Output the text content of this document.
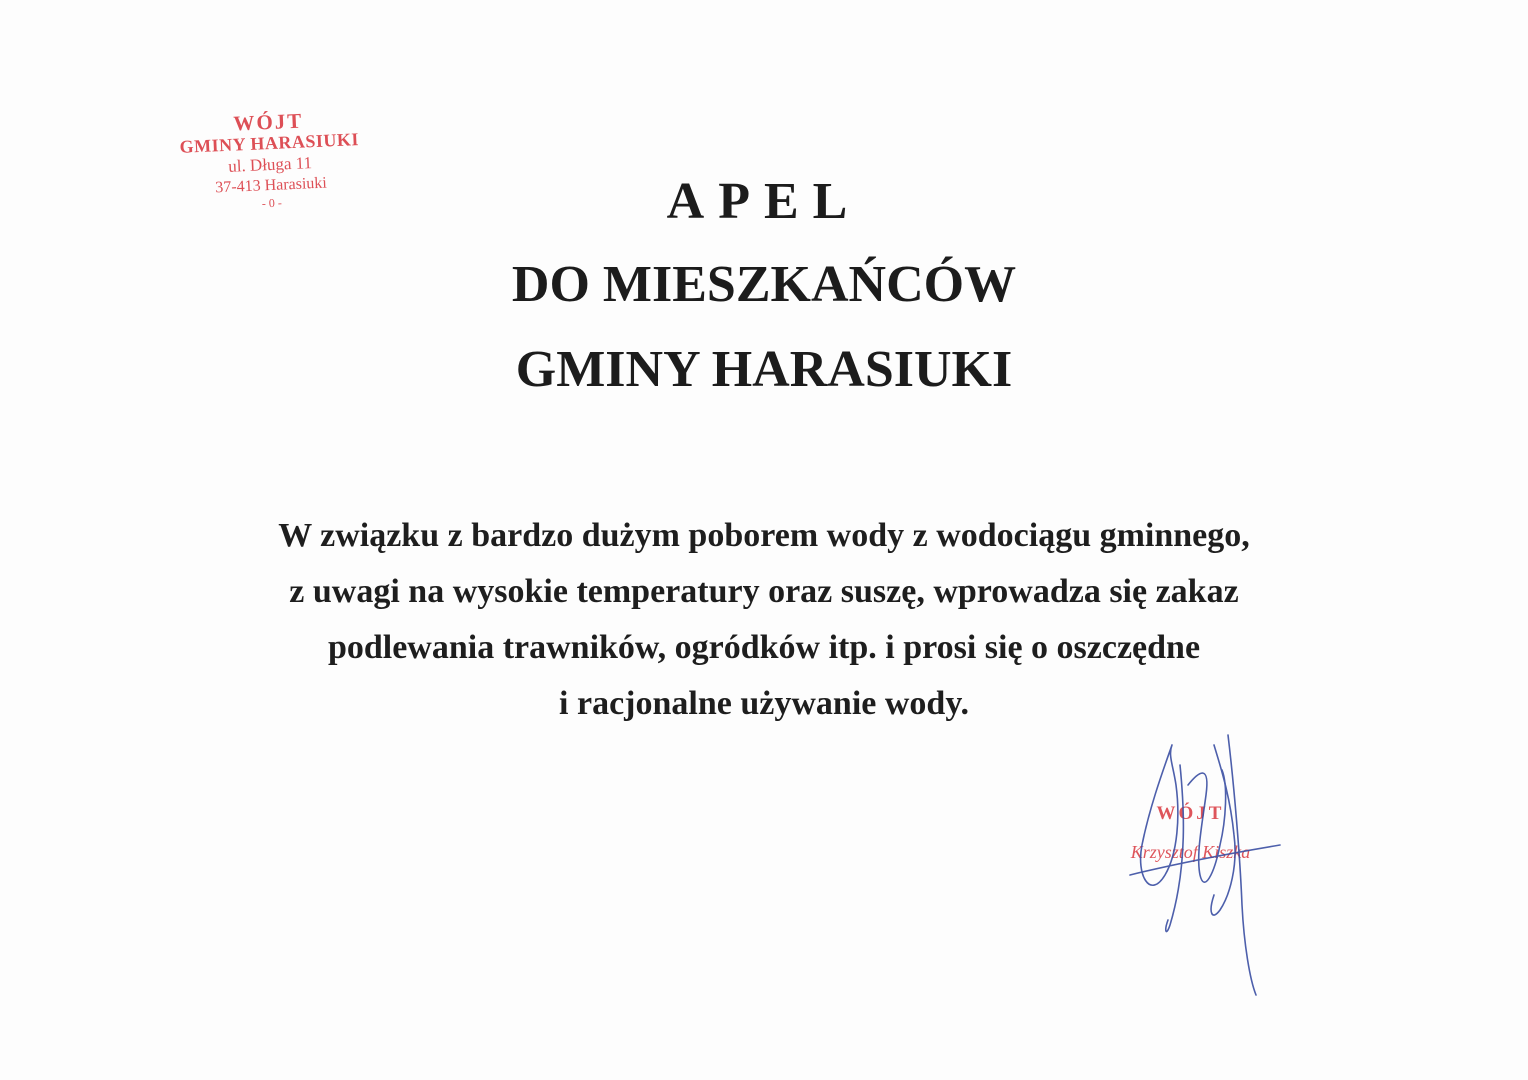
WÓJT
GMINY HARASIUKI
ul. Długa 11
37-413 Harasiuki
- 0 -	APEL
DO MIESZKAŃCÓW
GMINY HARASIUKI
W związku z bardzo dużym poborem wody z wodociągu gminnego,
z uwagi na wysokie temperatury oraz suszę, wprowadza się zakaz
podlewania trawników, ogródków itp. i prosi się o oszczędne
i racjonalne używanie wody.
WÓJT
Krzysztof Kiszka
